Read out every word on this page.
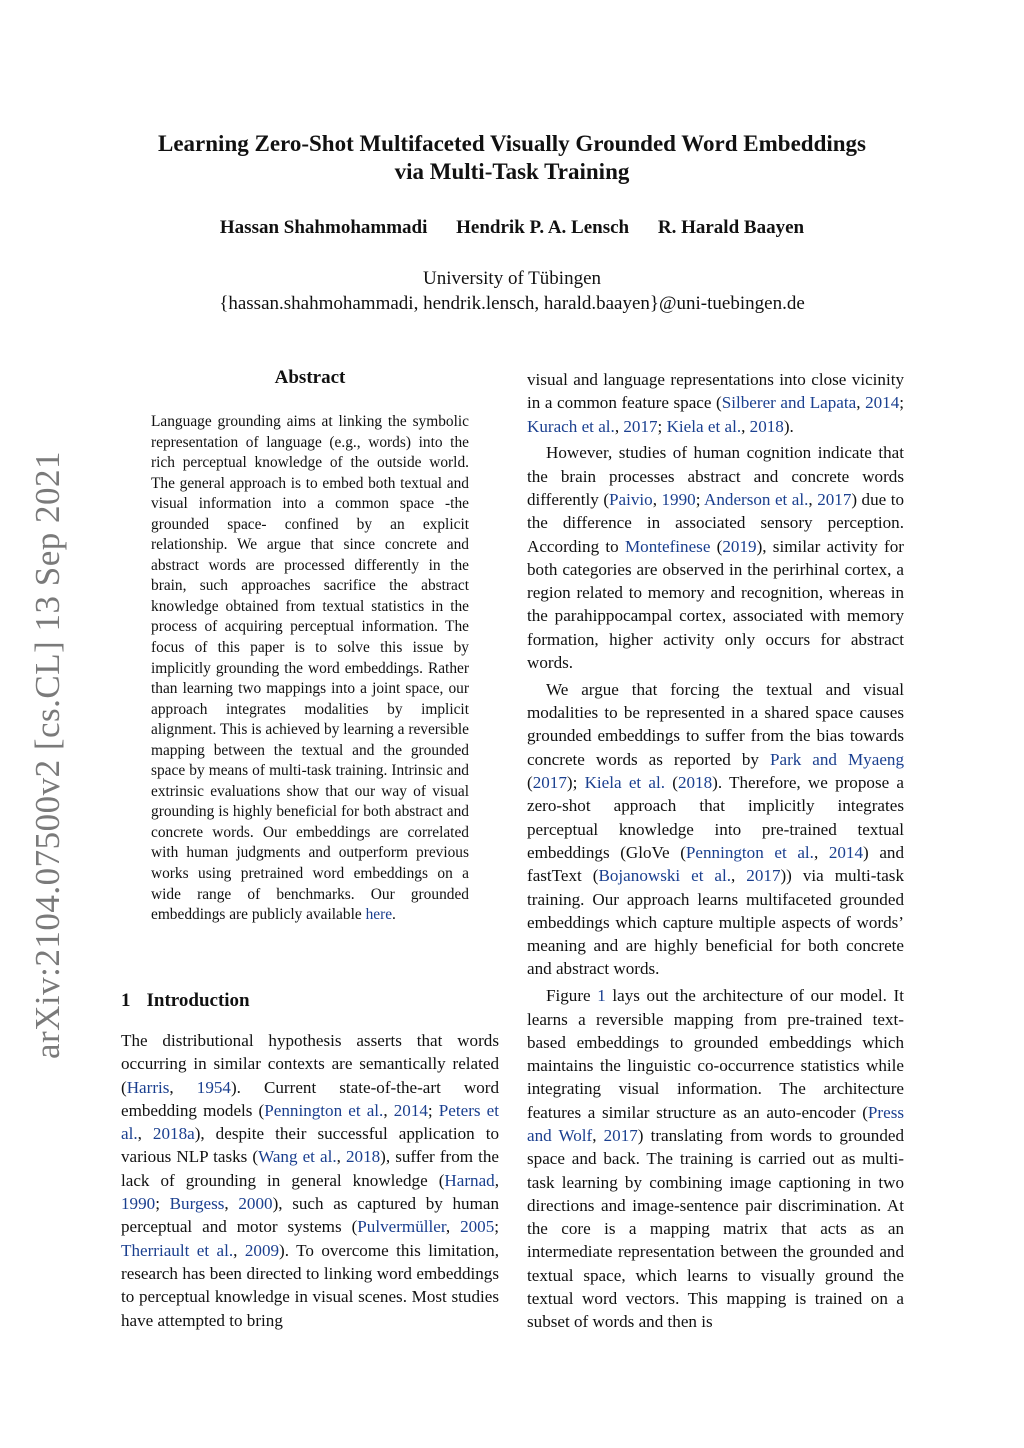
arXiv:2104.07500v2 [cs.CL] 13 Sep 2021
Learning Zero-Shot Multifaceted Visually Grounded Word Embeddings
via Multi-Task Training
Hassan Shahmohammadi Hendrik P. A. Lensch R. Harald Baayen
University of Tübingen
{hassan.shahmohammadi, hendrik.lensch, harald.baayen}@uni-tuebingen.de
Abstract

Language grounding aims at linking the symbolic representation of language (e.g., words) into the rich perceptual knowledge of the outside world. The general approach is to embed both textual and visual information into a common space -the grounded space- confined by an explicit relationship. We argue that since concrete and abstract words are processed differently in the brain, such approaches sacrifice the abstract knowledge obtained from textual statistics in the process of acquiring perceptual information. The focus of this paper is to solve this issue by implicitly grounding the word embeddings. Rather than learning two mappings into a joint space, our approach integrates modalities by implicit alignment. This is achieved by learning a reversible mapping between the textual and the grounded space by means of multi-task training. Intrinsic and extrinsic evaluations show that our way of visual grounding is highly beneficial for both abstract and concrete words. Our embeddings are correlated with human judgments and outperform previous works using pretrained word embeddings on a wide range of benchmarks. Our grounded embeddings are publicly available here.

1 Introduction

The distributional hypothesis asserts that words occurring in similar contexts are semantically related (Harris, 1954). Current state-of-the-art word embedding models (Pennington et al., 2014; Peters et al., 2018a), despite their successful application to various NLP tasks (Wang et al., 2018), suffer from the lack of grounding in general knowledge (Harnad, 1990; Burgess, 2000), such as captured by human perceptual and motor systems (Pulvermüller, 2005; Therriault et al., 2009). To overcome this limitation, research has been directed to linking word embeddings to perceptual knowledge in visual scenes. Most studies have attempted to bring

visual and language representations into close vicinity in a common feature space (Silberer and Lapata, 2014; Kurach et al., 2017; Kiela et al., 2018).

However, studies of human cognition indicate that the brain processes abstract and concrete words differently (Paivio, 1990; Anderson et al., 2017) due to the difference in associated sensory perception. According to Montefinese (2019), similar activity for both categories are observed in the perirhinal cortex, a region related to memory and recognition, whereas in the parahippocampal cortex, associated with memory formation, higher activity only occurs for abstract words.

We argue that forcing the textual and visual modalities to be represented in a shared space causes grounded embeddings to suffer from the bias towards concrete words as reported by Park and Myaeng (2017); Kiela et al. (2018). Therefore, we propose a zero-shot approach that implicitly integrates perceptual knowledge into pre-trained textual embeddings (GloVe (Pennington et al., 2014) and fastText (Bojanowski et al., 2017)) via multi-task training. Our approach learns multifaceted grounded embeddings which capture multiple aspects of words’ meaning and are highly beneficial for both concrete and abstract words.

Figure 1 lays out the architecture of our model. It learns a reversible mapping from pre-trained text-based embeddings to grounded embeddings which maintains the linguistic co-occurrence statistics while integrating visual information. The architecture features a similar structure as an auto-encoder (Press and Wolf, 2017) translating from words to grounded space and back. The training is carried out as multi-task learning by combining image captioning in two directions and image-sentence pair discrimination. At the core is a mapping matrix that acts as an intermediate representation between the grounded and textual space, which learns to visually ground the textual word vectors. This mapping is trained on a subset of words and then is
